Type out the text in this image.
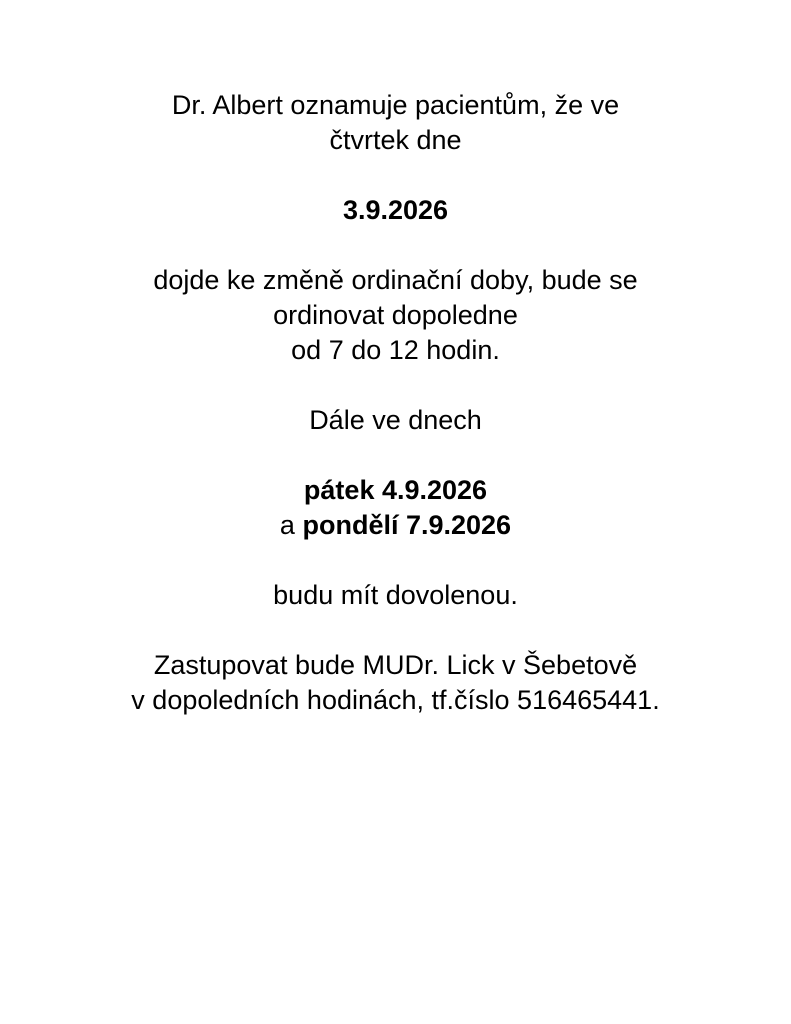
Dr. Albert oznamuje pacientům, že ve
čtvrtek dne

3.9.2026

dojde ke změně ordinační doby, bude se
ordinovat dopoledne
od 7 do 12 hodin.

Dále ve dnech

pátek 4.9.2026
a pondělí 7.9.2026

budu mít dovolenou.

Zastupovat bude MUDr. Lick v Šebetově
v dopoledních hodinách, tf.číslo 516465441.
